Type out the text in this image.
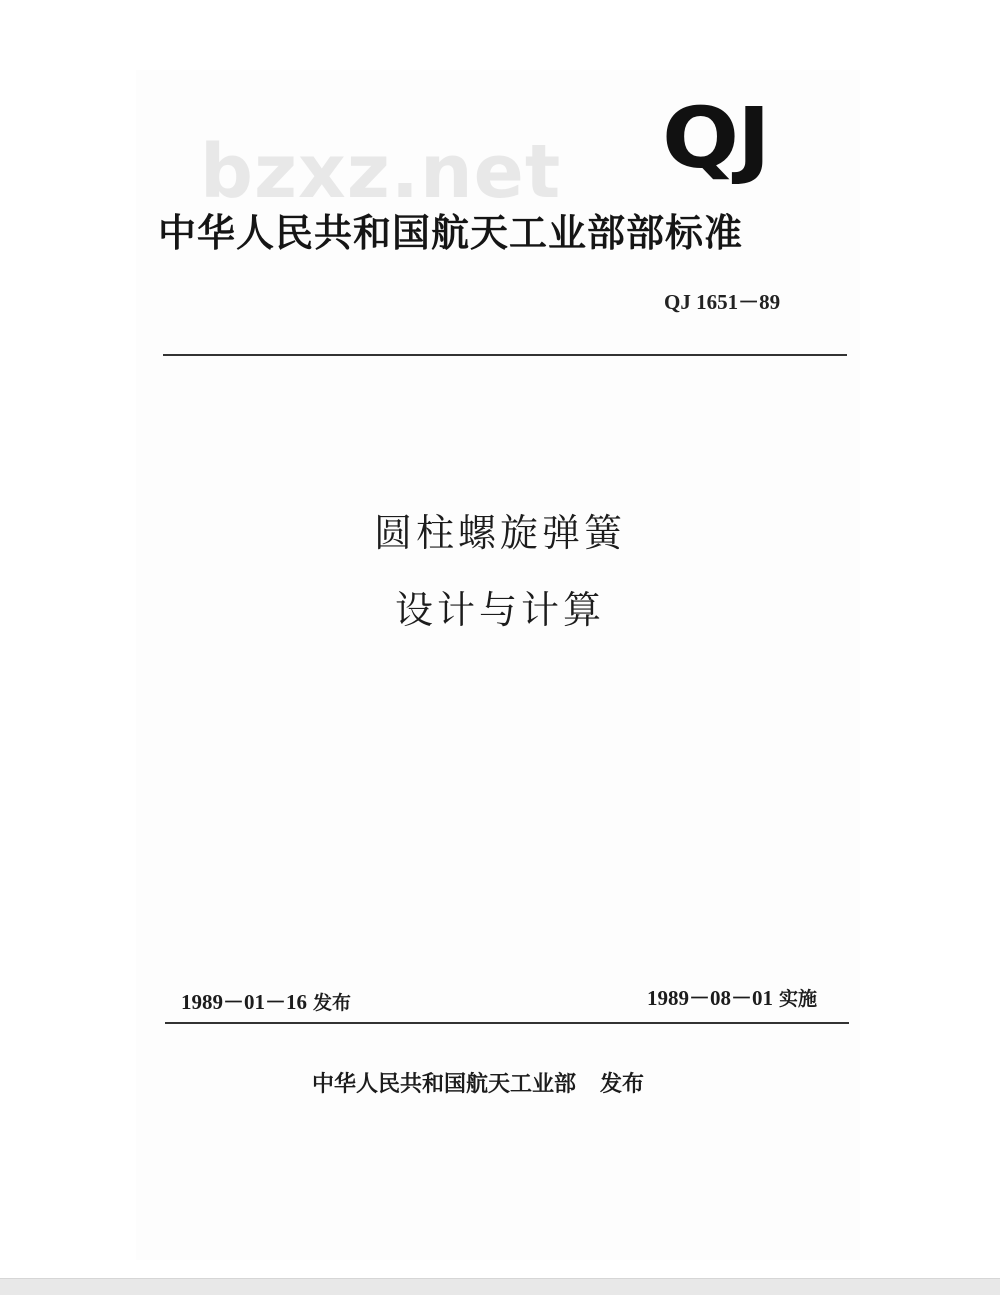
bzxz.net QJ
中华人民共和国航天工业部部标准
QJ 1651－89
圆柱螺旋弹簧
设计与计算
1989－01－16 发布	1989－08－01 实施
中华人民共和国航天工业部 发布
